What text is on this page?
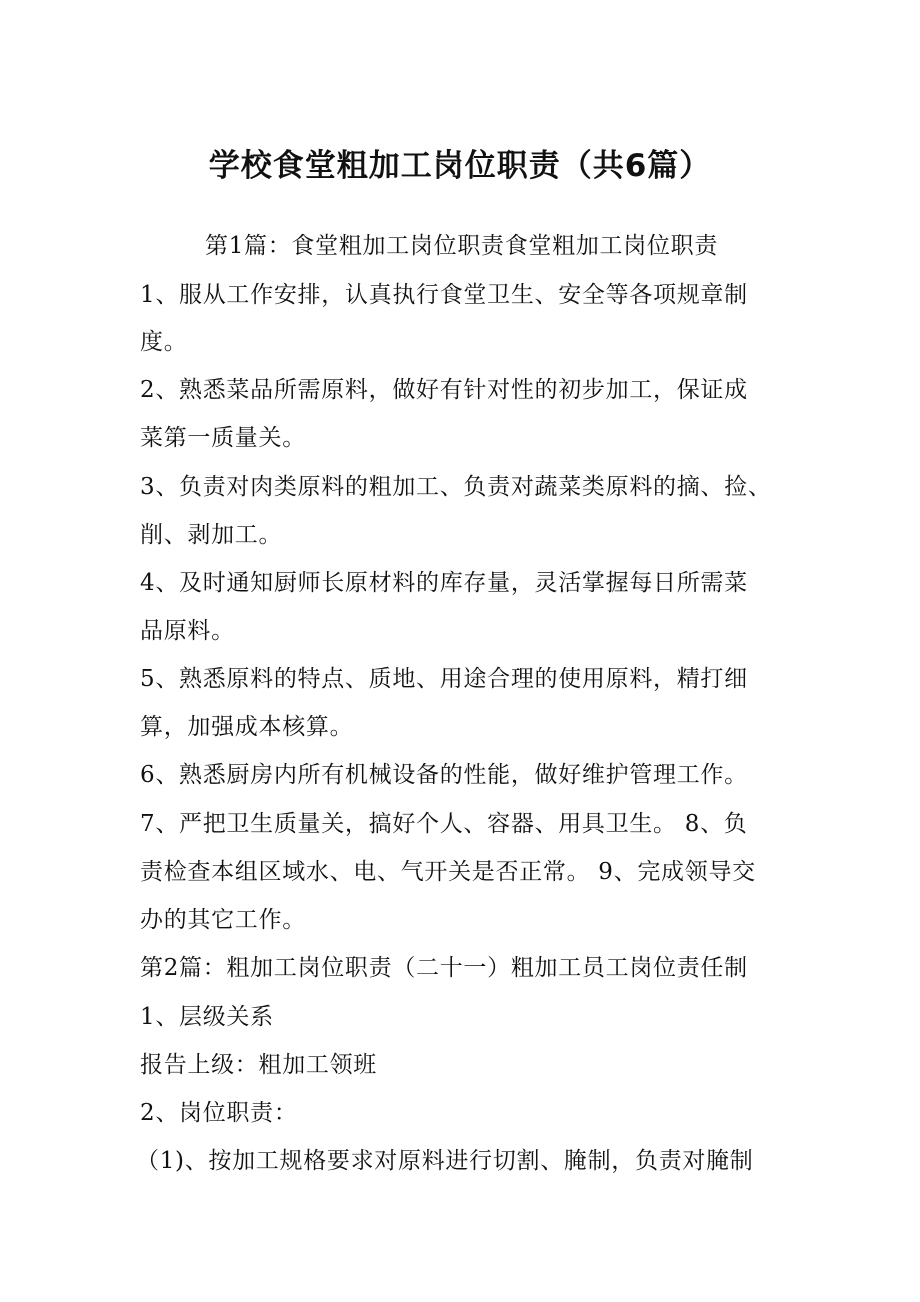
学校食堂粗加工岗位职责（共6篇）
第1篇：食堂粗加工岗位职责食堂粗加工岗位职责
1、服从工作安排，认真执行食堂卫生、安全等各项规章制
度。
2、熟悉菜品所需原料，做好有针对性的初步加工，保证成
菜第一质量关。
3、负责对肉类原料的粗加工、负责对蔬菜类原料的摘、捡、
削、剥加工。
4、及时通知厨师长原材料的库存量，灵活掌握每日所需菜
品原料。
5、熟悉原料的特点、质地、用途合理的使用原料，精打细
算，加强成本核算。
6、熟悉厨房内所有机械设备的性能，做好维护管理工作。
7、严把卫生质量关，搞好个人、容器、用具卫生。 8、负
责检查本组区域水、电、气开关是否正常。 9、完成领导交
办的其它工作。
第2篇：粗加工岗位职责（二十一）粗加工员工岗位责任制
1、层级关系
报告上级：粗加工领班
2、岗位职责：
（1)、按加工规格要求对原料进行切割、腌制，负责对腌制
